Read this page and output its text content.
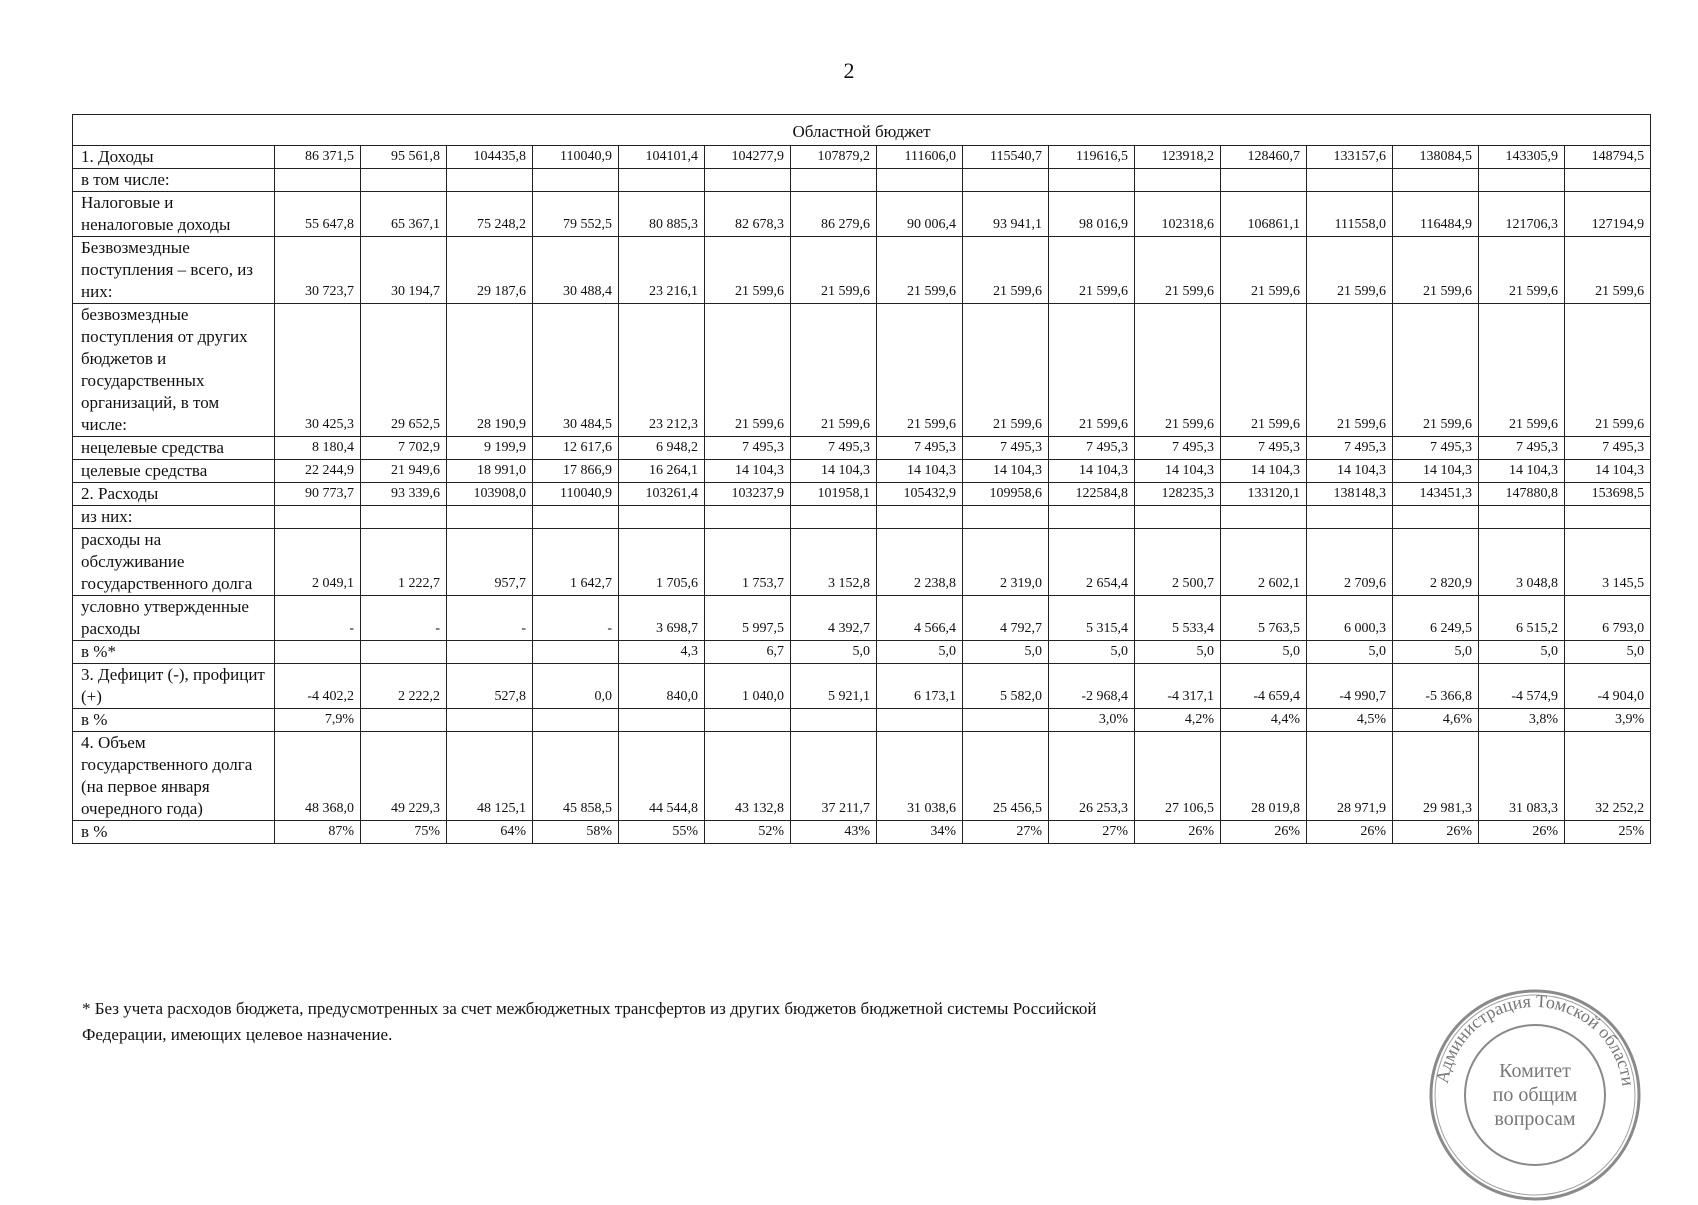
2
Областной бюджет																
1. Доходы	86 371,5	95 561,8	104435,8	110040,9	104101,4	104277,9	107879,2	111606,0	115540,7	119616,5	123918,2	128460,7	133157,6	138084,5	143305,9	148794,5
в том числе:																
Налоговые и неналоговые доходы	55 647,8	65 367,1	75 248,2	79 552,5	80 885,3	82 678,3	86 279,6	90 006,4	93 941,1	98 016,9	102318,6	106861,1	111558,0	116484,9	121706,3	127194,9
Безвозмездные поступления – всего, из них:	30 723,7	30 194,7	29 187,6	30 488,4	23 216,1	21 599,6	21 599,6	21 599,6	21 599,6	21 599,6	21 599,6	21 599,6	21 599,6	21 599,6	21 599,6	21 599,6
безвозмездные поступления от других бюджетов и государственных организаций, в том числе:	30 425,3	29 652,5	28 190,9	30 484,5	23 212,3	21 599,6	21 599,6	21 599,6	21 599,6	21 599,6	21 599,6	21 599,6	21 599,6	21 599,6	21 599,6	21 599,6
нецелевые средства	8 180,4	7 702,9	9 199,9	12 617,6	6 948,2	7 495,3	7 495,3	7 495,3	7 495,3	7 495,3	7 495,3	7 495,3	7 495,3	7 495,3	7 495,3	7 495,3
целевые средства	22 244,9	21 949,6	18 991,0	17 866,9	16 264,1	14 104,3	14 104,3	14 104,3	14 104,3	14 104,3	14 104,3	14 104,3	14 104,3	14 104,3	14 104,3	14 104,3
2. Расходы	90 773,7	93 339,6	103908,0	110040,9	103261,4	103237,9	101958,1	105432,9	109958,6	122584,8	128235,3	133120,1	138148,3	143451,3	147880,8	153698,5
из них:																
расходы на обслуживание государственного долга	2 049,1	1 222,7	957,7	1 642,7	1 705,6	1 753,7	3 152,8	2 238,8	2 319,0	2 654,4	2 500,7	2 602,1	2 709,6	2 820,9	3 048,8	3 145,5
условно утвержденные расходы	-	-	-	-	3 698,7	5 997,5	4 392,7	4 566,4	4 792,7	5 315,4	5 533,4	5 763,5	6 000,3	6 249,5	6 515,2	6 793,0
в %*					4,3	6,7	5,0	5,0	5,0	5,0	5,0	5,0	5,0	5,0	5,0	5,0
3. Дефицит (-), профицит (+)	-4 402,2	2 222,2	527,8	0,0	840,0	1 040,0	5 921,1	6 173,1	5 582,0	-2 968,4	-4 317,1	-4 659,4	-4 990,7	-5 366,8	-4 574,9	-4 904,0
в %	7,9%									3,0%	4,2%	4,4%	4,5%	4,6%	3,8%	3,9%
4. Объем государственного долга (на первое января очередного года)	48 368,0	49 229,3	48 125,1	45 858,5	44 544,8	43 132,8	37 211,7	31 038,6	25 456,5	26 253,3	27 106,5	28 019,8	28 971,9	29 981,3	31 083,3	32 252,2
в %	87%	75%	64%	58%	55%	52%	43%	34%	27%	27%	26%	26%	26%	26%	26%	25%
* Без учета расходов бюджета, предусмотренных за счет межбюджетных трансфертов из других бюджетов бюджетной системы Российской Федерации, имеющих целевое назначение.
Администрация Томской области
Комитет
по общим
вопросам
